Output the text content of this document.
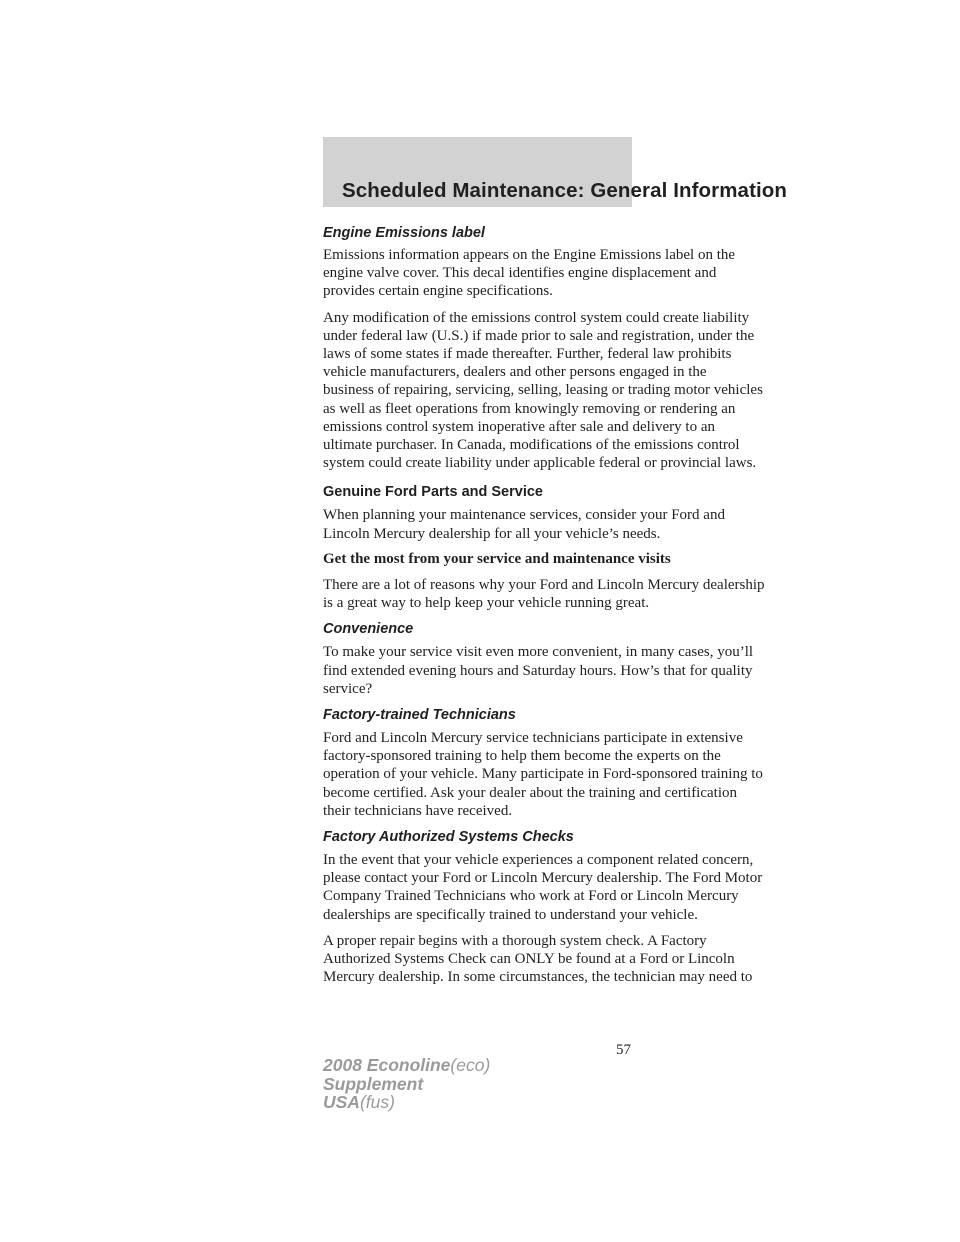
Scheduled Maintenance: General Information
Engine Emissions label

Emissions information appears on the Engine Emissions label on the
engine valve cover. This decal identifies engine displacement and
provides certain engine specifications.

Any modification of the emissions control system could create liability
under federal law (U.S.) if made prior to sale and registration, under the
laws of some states if made thereafter. Further, federal law prohibits
vehicle manufacturers, dealers and other persons engaged in the
business of repairing, servicing, selling, leasing or trading motor vehicles
as well as fleet operations from knowingly removing or rendering an
emissions control system inoperative after sale and delivery to an
ultimate purchaser. In Canada, modifications of the emissions control
system could create liability under applicable federal or provincial laws.

Genuine Ford Parts and Service

When planning your maintenance services, consider your Ford and
Lincoln Mercury dealership for all your vehicle’s needs.

Get the most from your service and maintenance visits

There are a lot of reasons why your Ford and Lincoln Mercury dealership
is a great way to help keep your vehicle running great.

Convenience

To make your service visit even more convenient, in many cases, you’ll
find extended evening hours and Saturday hours. How’s that for quality
service?

Factory-trained Technicians

Ford and Lincoln Mercury service technicians participate in extensive
factory-sponsored training to help them become the experts on the
operation of your vehicle. Many participate in Ford-sponsored training to
become certified. Ask your dealer about the training and certification
their technicians have received.

Factory Authorized Systems Checks

In the event that your vehicle experiences a component related concern,
please contact your Ford or Lincoln Mercury dealership. The Ford Motor
Company Trained Technicians who work at Ford or Lincoln Mercury
dealerships are specifically trained to understand your vehicle.

A proper repair begins with a thorough system check. A Factory
Authorized Systems Check can ONLY be found at a Ford or Lincoln
Mercury dealership. In some circumstances, the technician may need to

57
2008 Econoline(eco)
Supplement
USA(fus)
